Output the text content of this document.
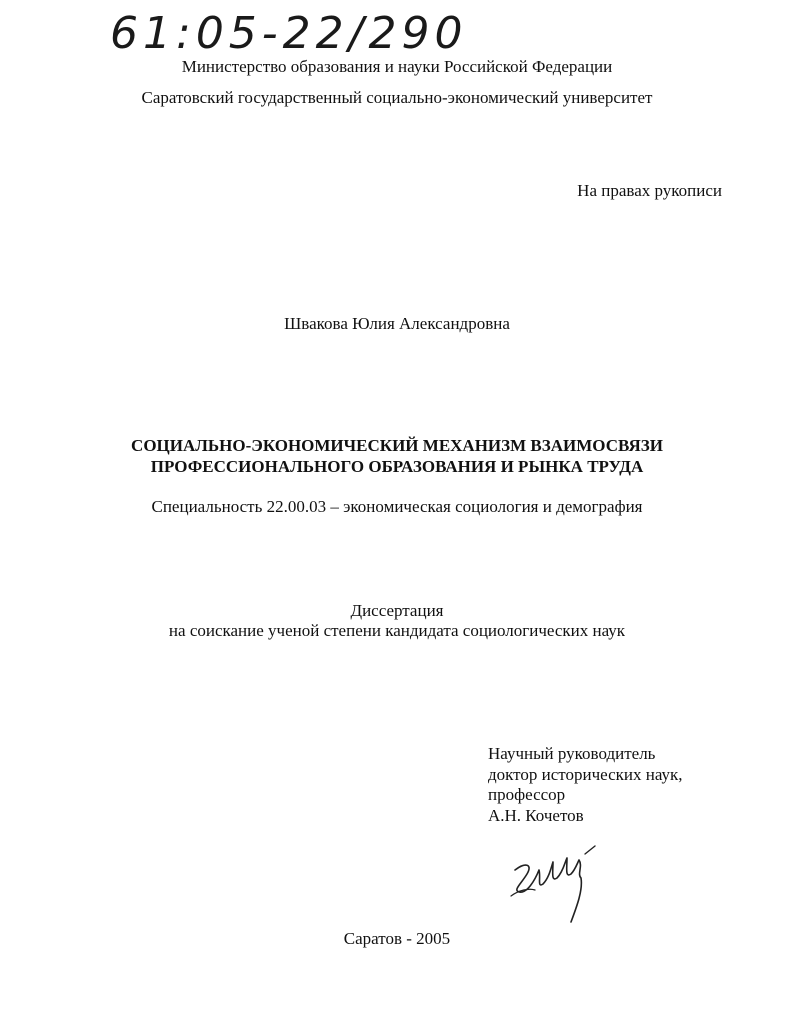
61:05-22/290
Министерство образования и науки Российской Федерации
Саратовский государственный социально-экономический университет
На правах рукописи
Швакова Юлия Александровна
СОЦИАЛЬНО-ЭКОНОМИЧЕСКИЙ МЕХАНИЗМ ВЗАИМОСВЯЗИ
ПРОФЕССИОНАЛЬНОГО ОБРАЗОВАНИЯ И РЫНКА ТРУДА
Специальность 22.00.03 – экономическая социология и демография
Диссертация
на соискание ученой степени кандидата социологических наук
Научный руководитель
доктор исторических наук,
профессор
А.Н. Кочетов
Саратов - 2005
